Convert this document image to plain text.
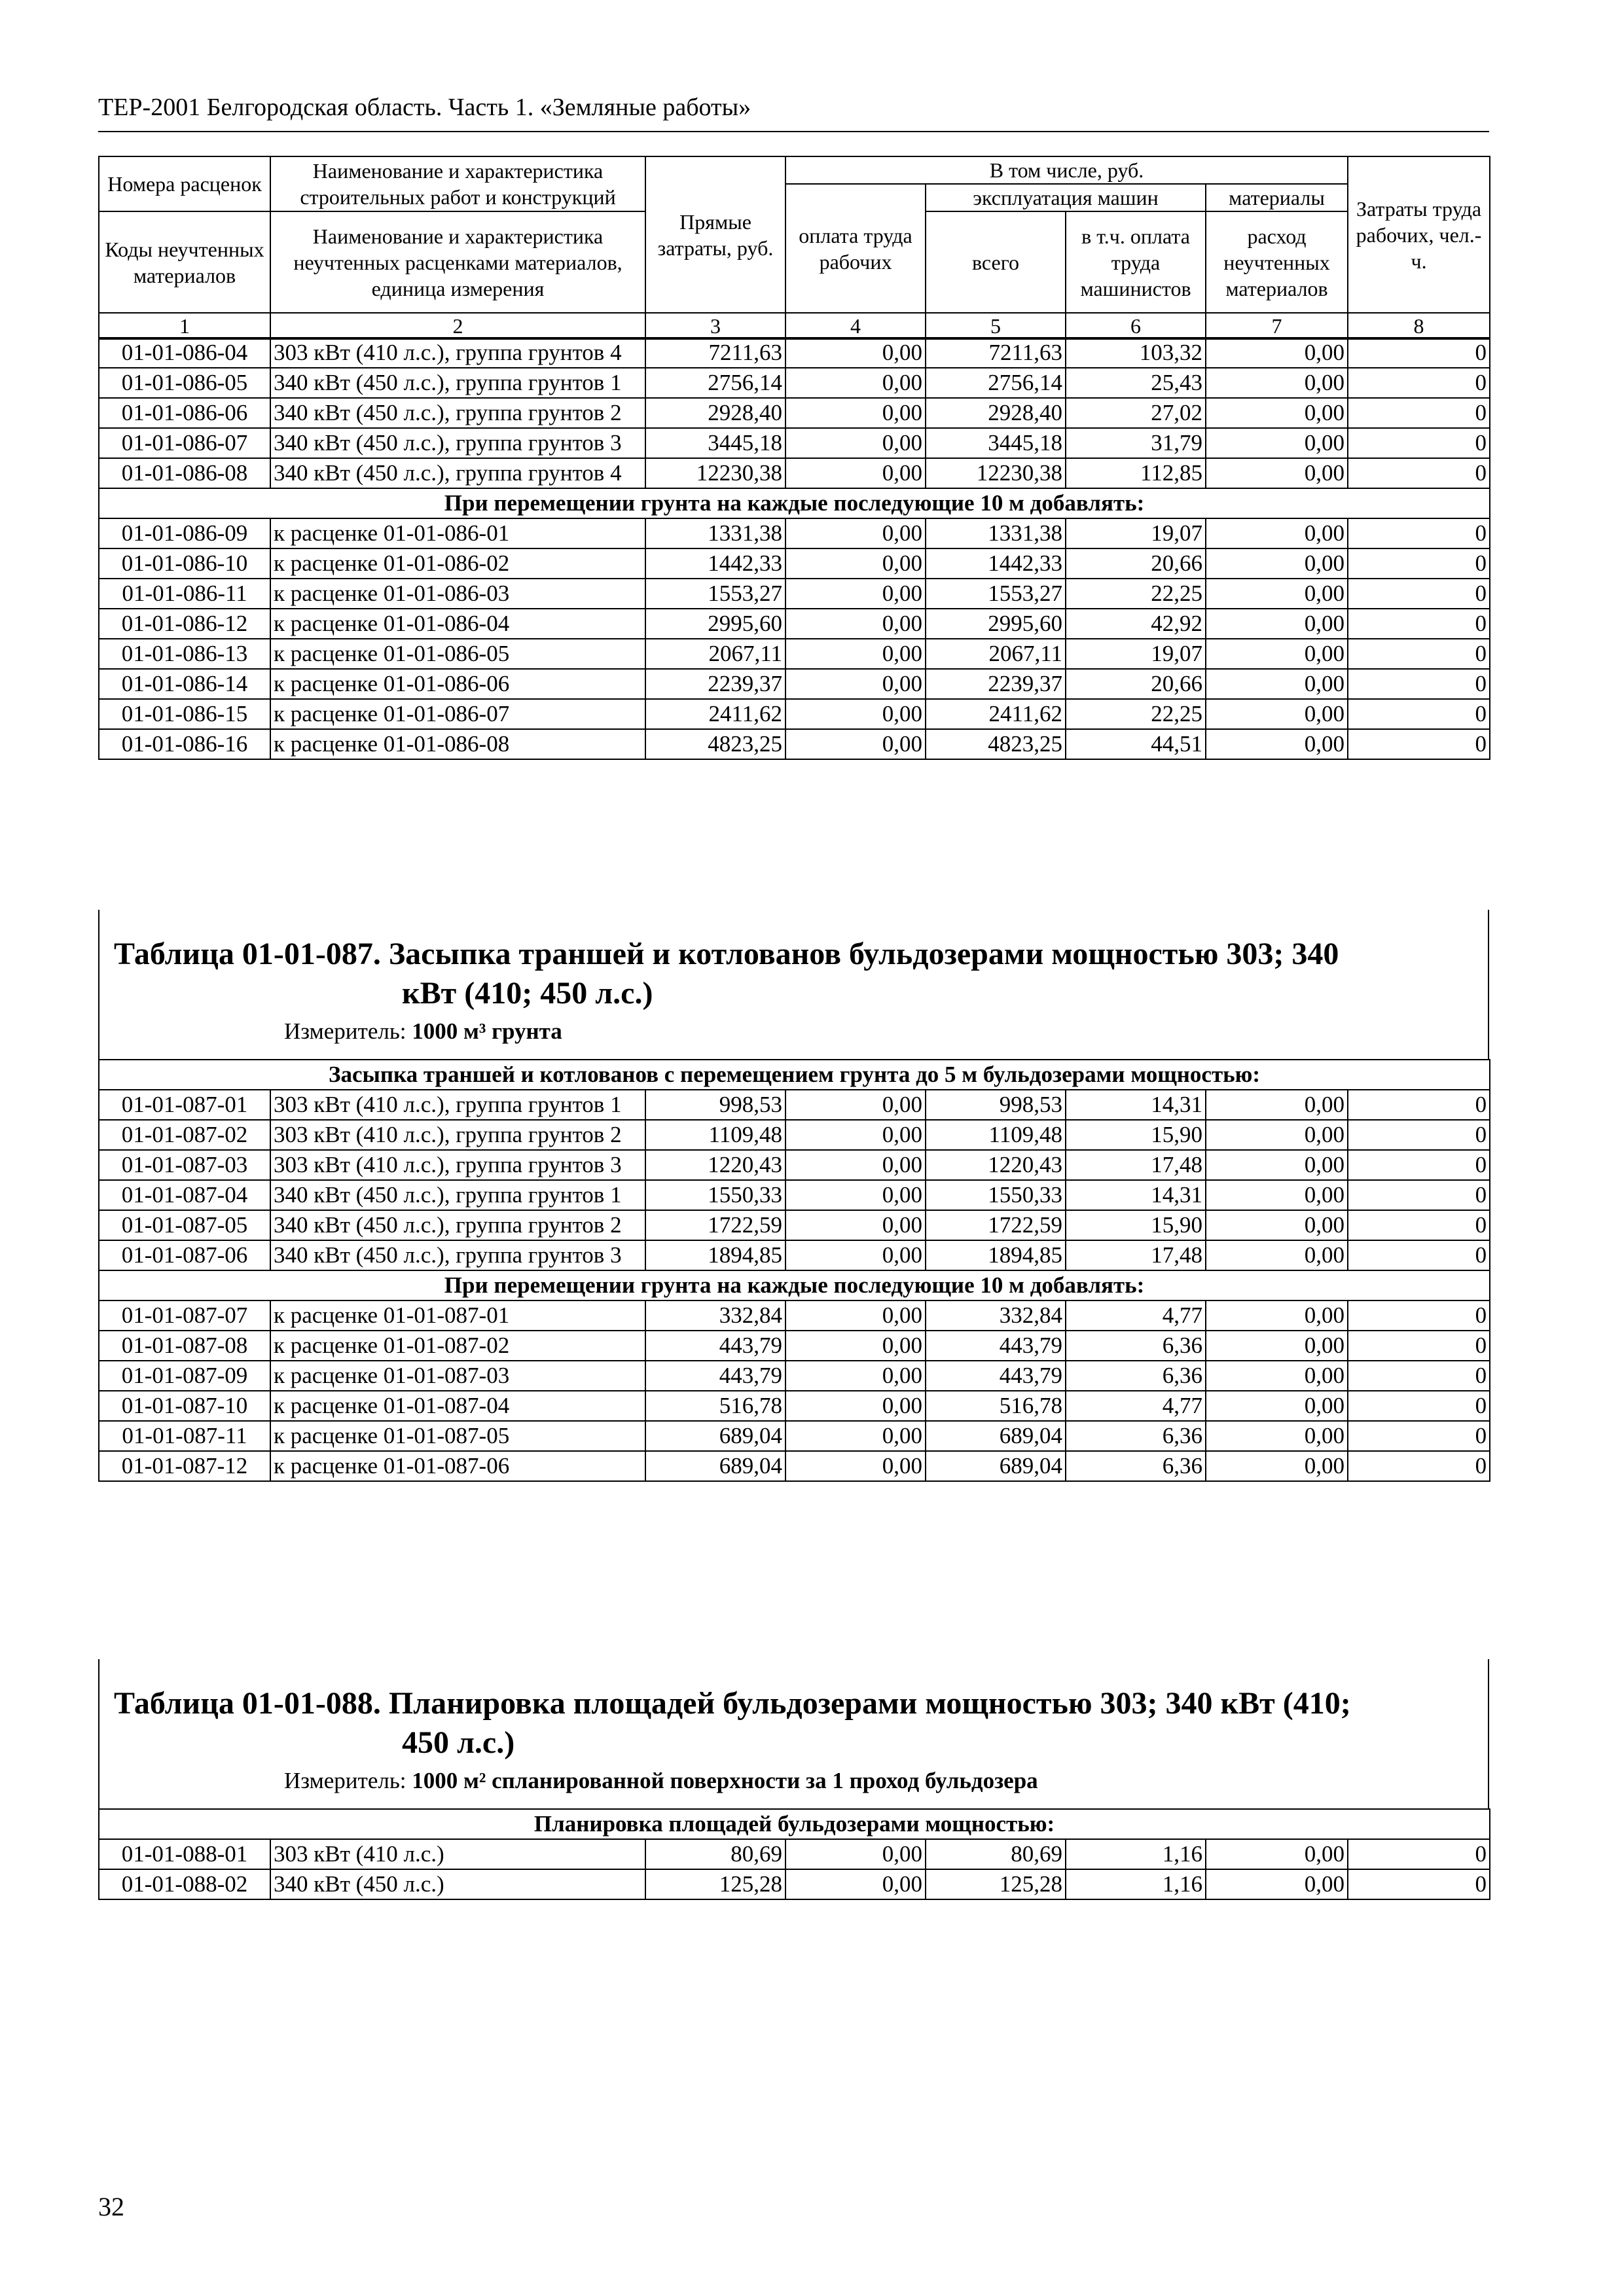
ТЕР-2001 Белгородская область. Часть 1. «Земляные работы»
Номера расценок	Наименование и характеристика строительных работ и конструкций	Прямые затраты, руб.	В том числе, руб.				Затраты труда рабочих, чел.-ч.
			оплата труда рабочих	эксплуатация машин		материалы	
Коды неучтенных материалов	Наименование и характеристика неучтенных расценками материалов, единица измерения			всего	в т.ч. оплата труда машинистов	расход неучтенных материалов	

1	2	3	4	5	6	7	8
01-01-086-04	303 кВт (410 л.с.), группа грунтов 4	7211,63	0,00	7211,63	103,32	0,00	0
01-01-086-05	340 кВт (450 л.с.), группа грунтов 1	2756,14	0,00	2756,14	25,43	0,00	0
01-01-086-06	340 кВт (450 л.с.), группа грунтов 2	2928,40	0,00	2928,40	27,02	0,00	0
01-01-086-07	340 кВт (450 л.с.), группа грунтов 3	3445,18	0,00	3445,18	31,79	0,00	0
01-01-086-08	340 кВт (450 л.с.), группа грунтов 4	12230,38	0,00	12230,38	112,85	0,00	0
При перемещении грунта на каждые последующие 10 м добавлять:							
01-01-086-09	к расценке 01-01-086-01	1331,38	0,00	1331,38	19,07	0,00	0
01-01-086-10	к расценке 01-01-086-02	1442,33	0,00	1442,33	20,66	0,00	0
01-01-086-11	к расценке 01-01-086-03	1553,27	0,00	1553,27	22,25	0,00	0
01-01-086-12	к расценке 01-01-086-04	2995,60	0,00	2995,60	42,92	0,00	0
01-01-086-13	к расценке 01-01-086-05	2067,11	0,00	2067,11	19,07	0,00	0
01-01-086-14	к расценке 01-01-086-06	2239,37	0,00	2239,37	20,66	0,00	0
01-01-086-15	к расценке 01-01-086-07	2411,62	0,00	2411,62	22,25	0,00	0
01-01-086-16	к расценке 01-01-086-08	4823,25	0,00	4823,25	44,51	0,00	0
Таблица 01-01-087. Засыпка траншей и котлованов бульдозерами мощностью 303; 340
кВт (410; 450 л.с.)
Измеритель: 1000 м³ грунта
Засыпка траншей и котлованов с перемещением грунта до 5 м бульдозерами мощностью:							
01-01-087-01	303 кВт (410 л.с.), группа грунтов 1	998,53	0,00	998,53	14,31	0,00	0
01-01-087-02	303 кВт (410 л.с.), группа грунтов 2	1109,48	0,00	1109,48	15,90	0,00	0
01-01-087-03	303 кВт (410 л.с.), группа грунтов 3	1220,43	0,00	1220,43	17,48	0,00	0
01-01-087-04	340 кВт (450 л.с.), группа грунтов 1	1550,33	0,00	1550,33	14,31	0,00	0
01-01-087-05	340 кВт (450 л.с.), группа грунтов 2	1722,59	0,00	1722,59	15,90	0,00	0
01-01-087-06	340 кВт (450 л.с.), группа грунтов 3	1894,85	0,00	1894,85	17,48	0,00	0
При перемещении грунта на каждые последующие 10 м добавлять:							
01-01-087-07	к расценке 01-01-087-01	332,84	0,00	332,84	4,77	0,00	0
01-01-087-08	к расценке 01-01-087-02	443,79	0,00	443,79	6,36	0,00	0
01-01-087-09	к расценке 01-01-087-03	443,79	0,00	443,79	6,36	0,00	0
01-01-087-10	к расценке 01-01-087-04	516,78	0,00	516,78	4,77	0,00	0
01-01-087-11	к расценке 01-01-087-05	689,04	0,00	689,04	6,36	0,00	0
01-01-087-12	к расценке 01-01-087-06	689,04	0,00	689,04	6,36	0,00	0
Таблица 01-01-088. Планировка площадей бульдозерами мощностью 303; 340 кВт (410;
450 л.с.)
Измеритель: 1000 м² спланированной поверхности за 1 проход бульдозера
Планировка площадей бульдозерами мощностью:							
01-01-088-01	303 кВт (410 л.с.)	80,69	0,00	80,69	1,16	0,00	0
01-01-088-02	340 кВт (450 л.с.)	125,28	0,00	125,28	1,16	0,00	0
32
